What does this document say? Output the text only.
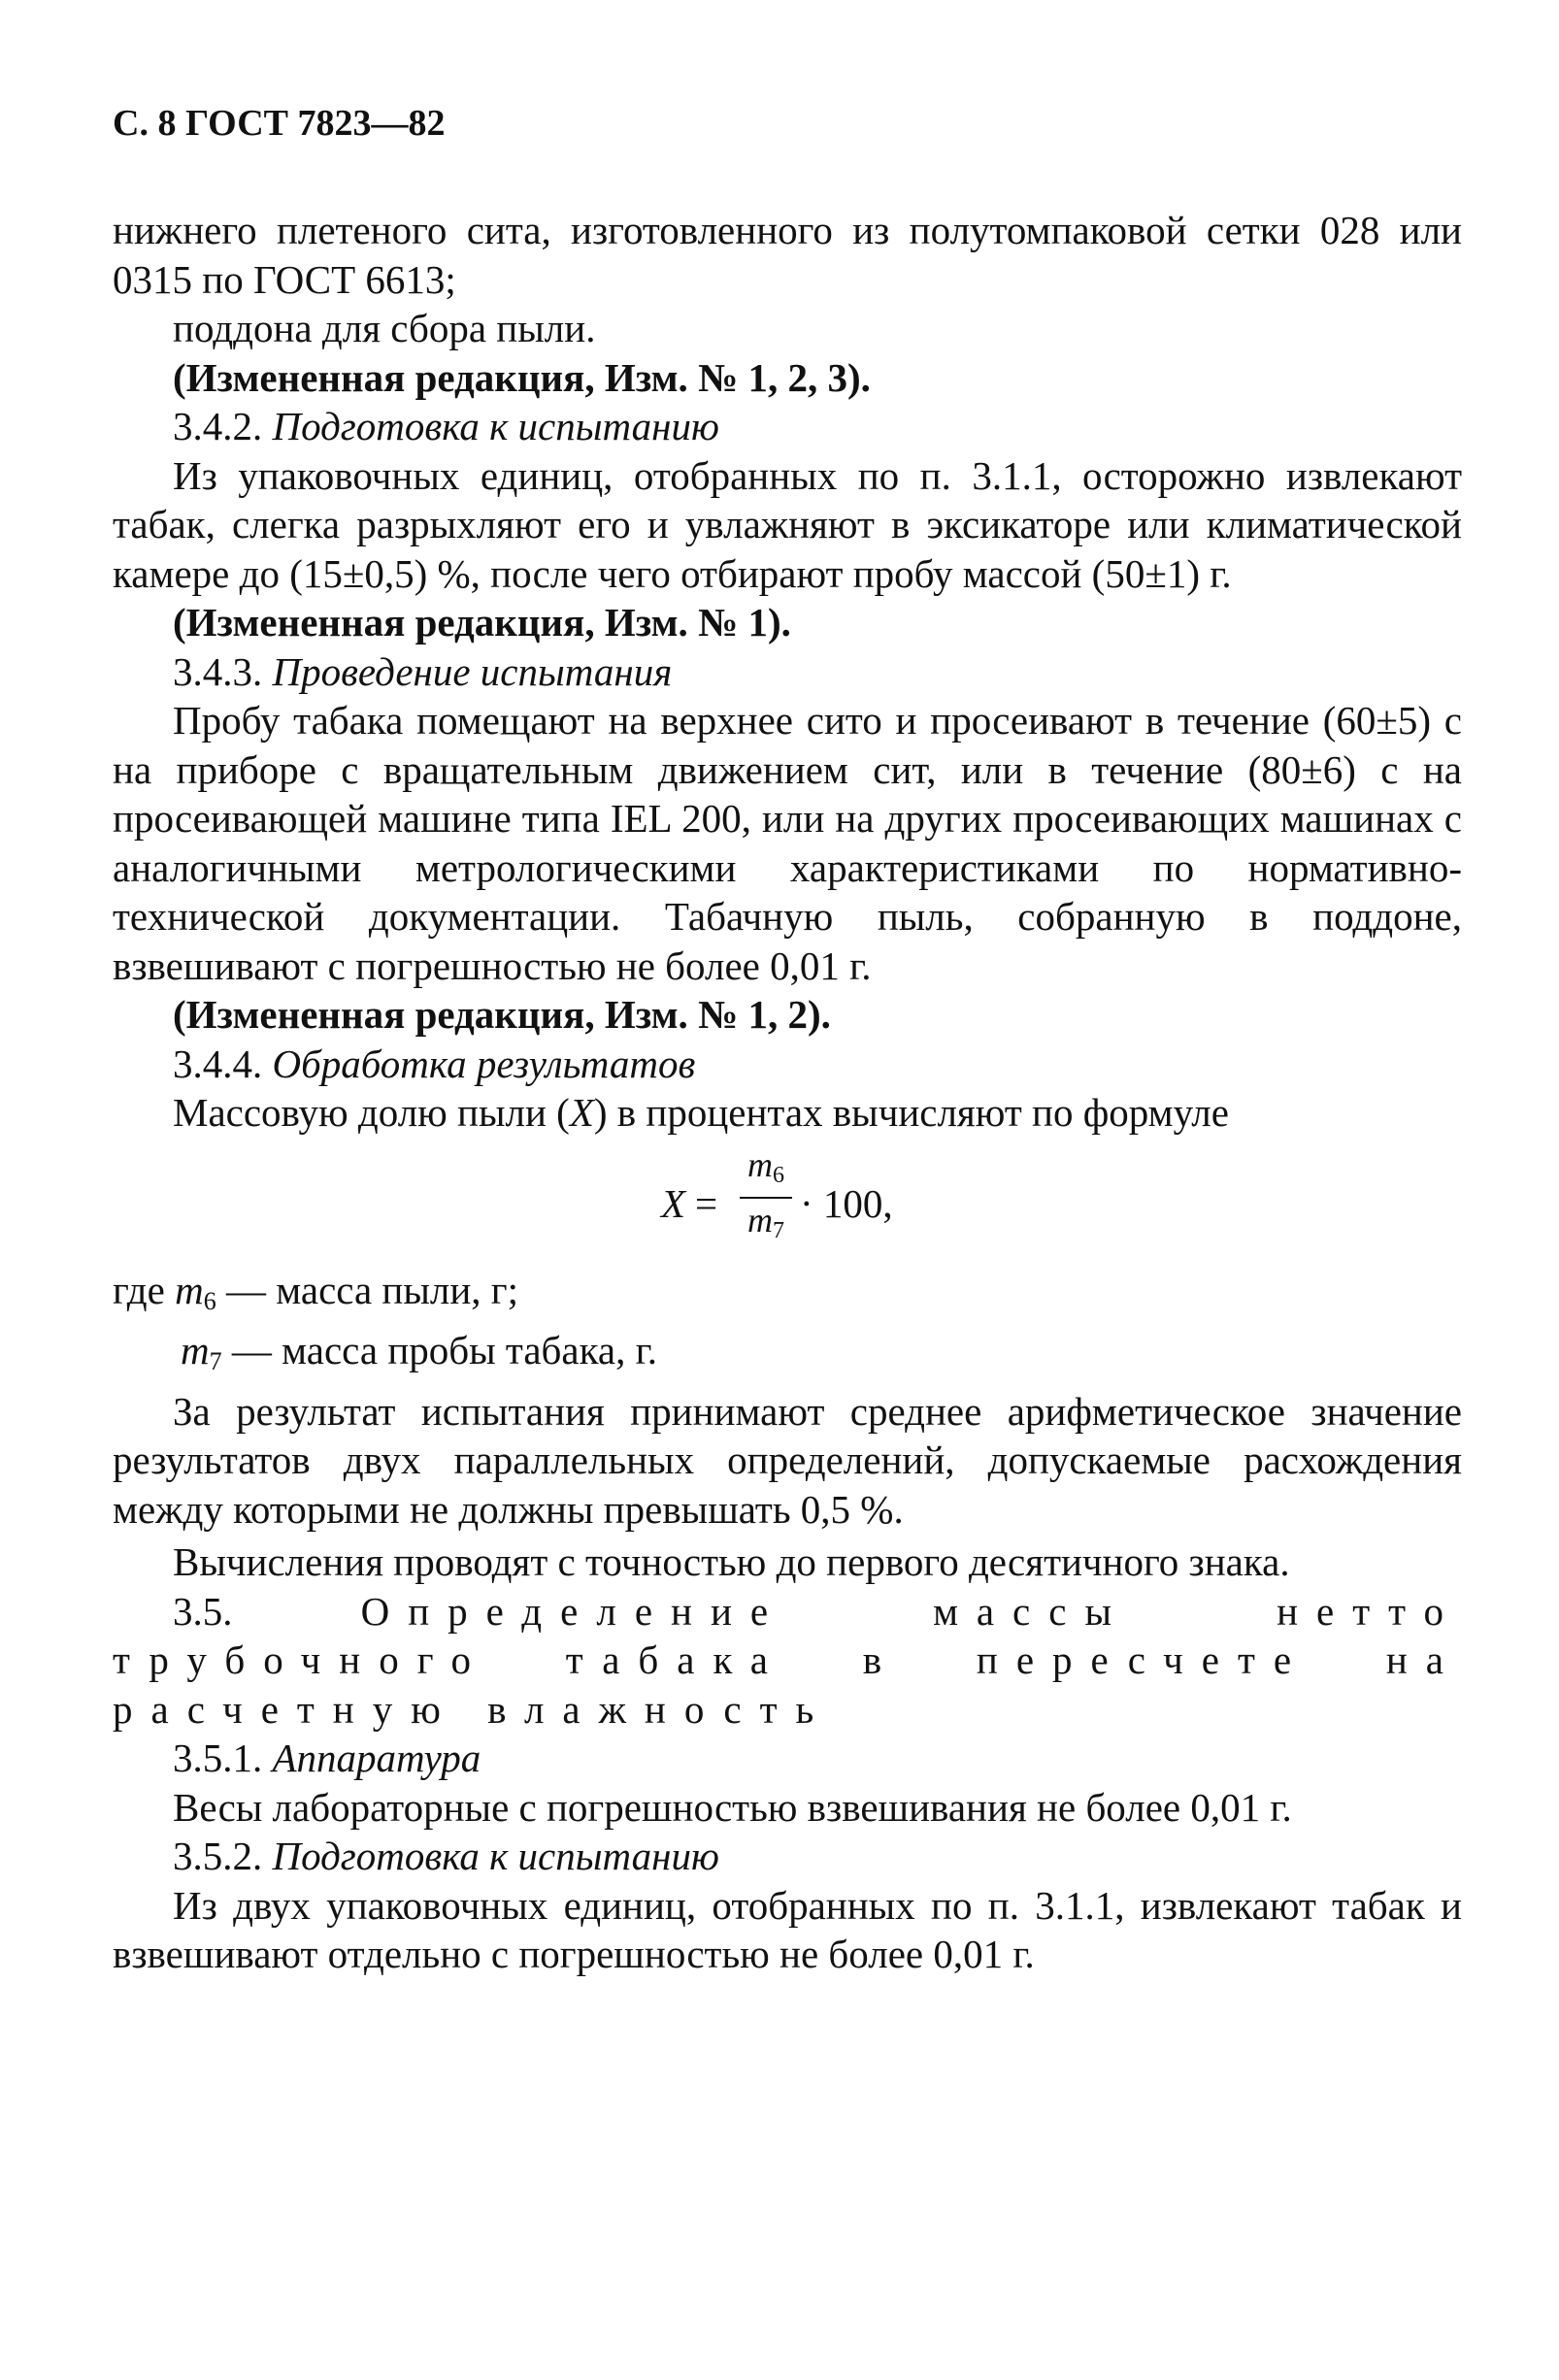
С. 8 ГОСТ 7823—82

нижнего плетеного сита, изготовленного из полутомпаковой сетки 028 или 0315 по ГОСТ 6613;

поддона для сбора пыли.

(Измененная редакция, Изм. № 1, 2, 3).

3.4.2. Подготовка к испытанию

Из упаковочных единиц, отобранных по п. 3.1.1, осторожно извлекают табак, слегка разрыхляют его и увлажняют в эксикаторе или климатической камере до (15±0,5) %, после чего отбирают пробу массой (50±1) г.

(Измененная редакция, Изм. № 1).

3.4.3. Проведение испытания

Пробу табака помещают на верхнее сито и просеивают в течение (60±5) с на приборе с вращательным движением сит, или в течение (80±6) с на просеивающей машине типа IEL 200, или на других просеивающих машинах с аналогичными метрологическими характеристиками по нормативно-технической документации. Табачную пыль, собранную в поддоне, взвешивают с погрешностью не более 0,01 г.

(Измененная редакция, Изм. № 1, 2).

3.4.4. Обработка результатов

Массовую долю пыли (X) в процентах вычисляют по формуле

X =
$m_6$
$m_7$
· 100,
где $m_6$ — масса пыли, г;
$m_7$ — масса пробы табака, г.

За результат испытания принимают среднее арифметическое значение результатов двух параллельных определений, допускаемые расхождения между которыми не должны превышать 0,5 %.

Вычисления проводят с точностью до первого десятичного знака.

3.5.	Определение массы нетто трубочного табака в пересчете на расчетную влажность

3.5.1. Аппаратура

Весы лабораторные с погрешностью взвешивания не более 0,01 г.

3.5.2. Подготовка к испытанию

Из двух упаковочных единиц, отобранных по п. 3.1.1, извлекают табак и взвешивают отдельно с погрешностью не более 0,01 г.
